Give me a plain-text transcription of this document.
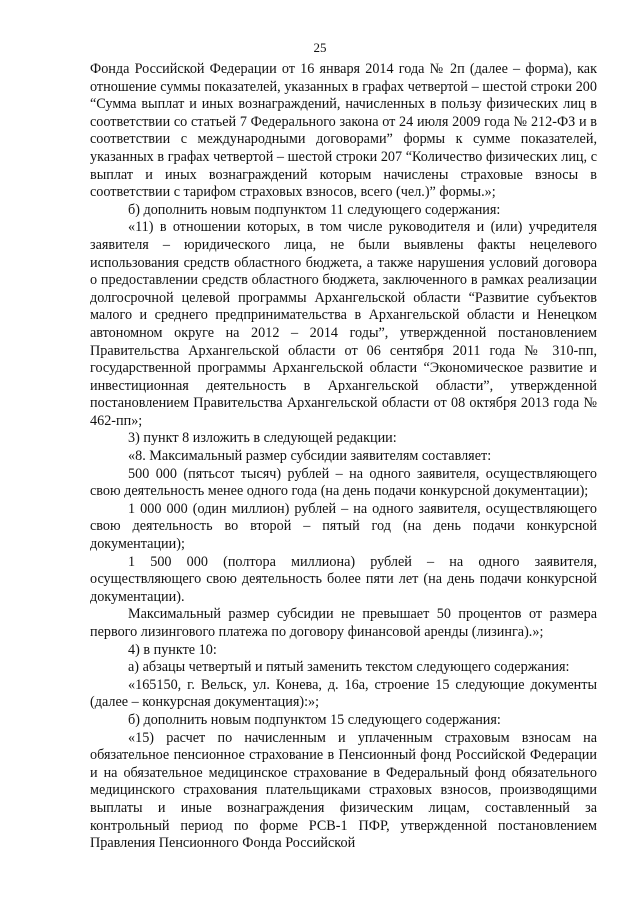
25

Фонда Российской Федерации от 16 января 2014 года № 2п (далее – форма), как отношение суммы показателей, указанных в графах четвертой – шестой строки 200 “Сумма выплат и иных вознаграждений, начисленных в пользу физических лиц в соответствии со статьей 7 Федерального закона от 24 июля 2009 года № 212-ФЗ и в соответствии с международными договорами” формы к сумме показателей, указанных в графах четвертой – шестой строки 207 “Количество физических лиц, с выплат и иных вознаграждений которым начислены страховые взносы в соответствии с тарифом страховых взносов, всего (чел.)” формы.»;

б) дополнить новым подпунктом 11 следующего содержания:

«11) в отношении которых, в том числе руководителя и (или) учредителя заявителя – юридического лица, не были выявлены факты нецелевого использования средств областного бюджета, а также нарушения условий договора о предоставлении средств областного бюджета, заключенного в рамках реализации долгосрочной целевой программы Архангельской области “Развитие субъектов малого и среднего предпринимательства в Архангельской области и Ненецком автономном округе на 2012 – 2014 годы”, утвержденной постановлением Правительства Архангельской области от 06 сентября 2011 года № 310-пп, государственной программы Архангельской области “Экономическое развитие и инвестиционная деятельность в Архангельской области”, утвержденной постановлением Правительства Архангельской области от 08 октября 2013 года № 462-пп»;

3) пункт 8 изложить в следующей редакции:

«8. Максимальный размер субсидии заявителям составляет:

500 000 (пятьсот тысяч) рублей – на одного заявителя, осуществляющего свою деятельность менее одного года (на день подачи конкурсной документации);

1 000 000 (один миллион) рублей – на одного заявителя, осуществляющего свою деятельность во второй – пятый год (на день подачи конкурсной документации);

1 500 000 (полтора миллиона) рублей – на одного заявителя, осуществляющего свою деятельность более пяти лет (на день подачи конкурсной документации).

Максимальный размер субсидии не превышает 50 процентов от размера первого лизингового платежа по договору финансовой аренды (лизинга).»;

4) в пункте 10:

а) абзацы четвертый и пятый заменить текстом следующего содержания:

«165150, г. Вельск, ул. Конева, д. 16а, строение 15 следующие документы (далее – конкурсная документация):»;

б) дополнить новым подпунктом 15 следующего содержания:

«15) расчет по начисленным и уплаченным страховым взносам на обязательное пенсионное страхование в Пенсионный фонд Российской Федерации и на обязательное медицинское страхование в Федеральный фонд обязательного медицинского страхования плательщиками страховых взносов, производящими выплаты и иные вознаграждения физическим лицам, составленный за контрольный период по форме РСВ-1 ПФР, утвержденной постановлением Правления Пенсионного Фонда Российской
